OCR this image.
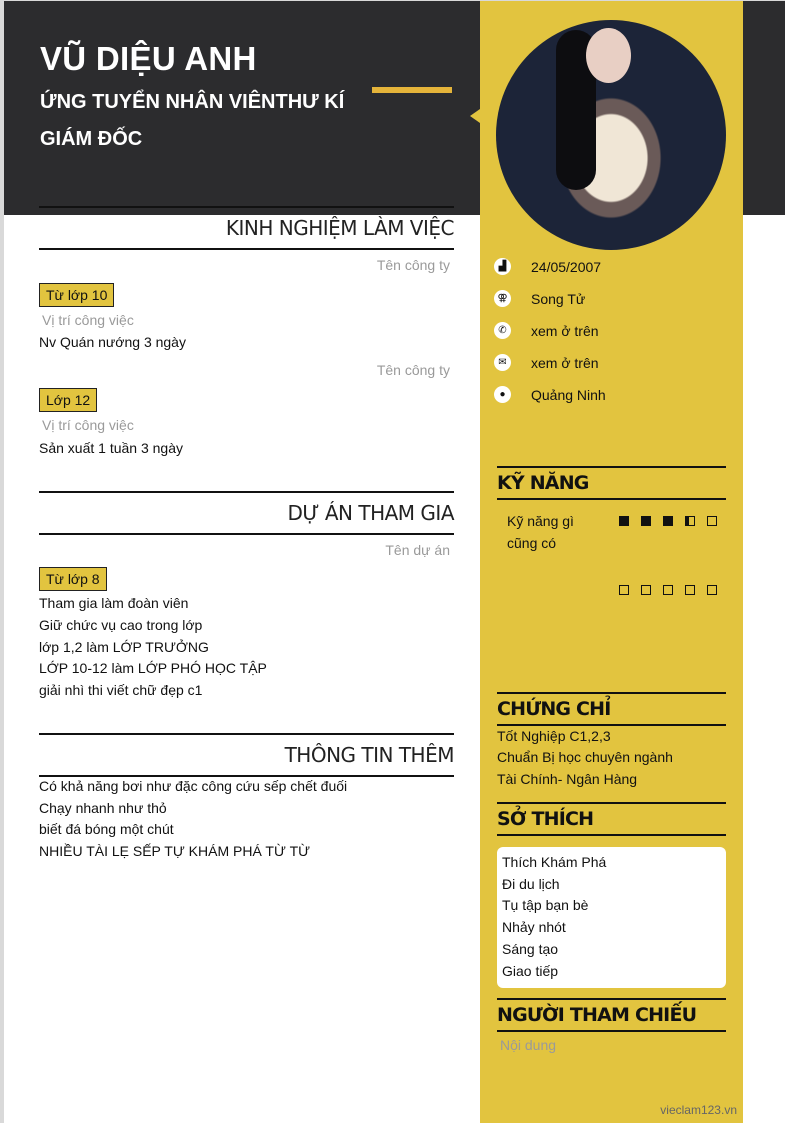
VŨ DIỆU ANH
ỨNG TUYỂN NHÂN VIÊNTHƯ KÍ GIÁM ĐỐC
▟	24/05/2007
⚢ Song Tử
✆	xem ở trên
✉	xem ở trên
●	Quảng Ninh
KINH NGHIỆM LÀM VIỆC
Tên công ty
Từ lớp 10
Vị trí công việc
Nv Quán nướng 3 ngày
Tên công ty
Lớp 12
Vị trí công việc
Sản xuất 1 tuần 3 ngày
DỰ ÁN THAM GIA
Tên dự án
Từ lớp 8
Tham gia làm đoàn viên
Giữ chức vụ cao trong lớp
lớp 1,2 làm LỚP TRƯỞNG
LỚP 10-12 làm LỚP PHÓ HỌC TẬP
giải nhì thi viết chữ đẹp c1
THÔNG TIN THÊM
Có khả năng bơi như đặc công cứu sếp chết đuối
Chạy nhanh như thỏ
biết đá bóng một chút
NHIỀU TÀI LẸ SẾP TỰ KHÁM PHÁ TỪ TỪ
KỸ NĂNG
Kỹ năng gì cũng có
CHỨNG CHỈ
Tốt Nghiệp C1,2,3
Chuẩn Bị học chuyên ngành
Tài Chính- Ngân Hàng
SỞ THÍCH
Thích Khám Phá
Đi du lịch
Tụ tập bạn bè
Nhảy nhót
Sáng tạo
Giao tiếp
NGƯỜI THAM CHIẾU
Nội dung
vieclam123.vn
